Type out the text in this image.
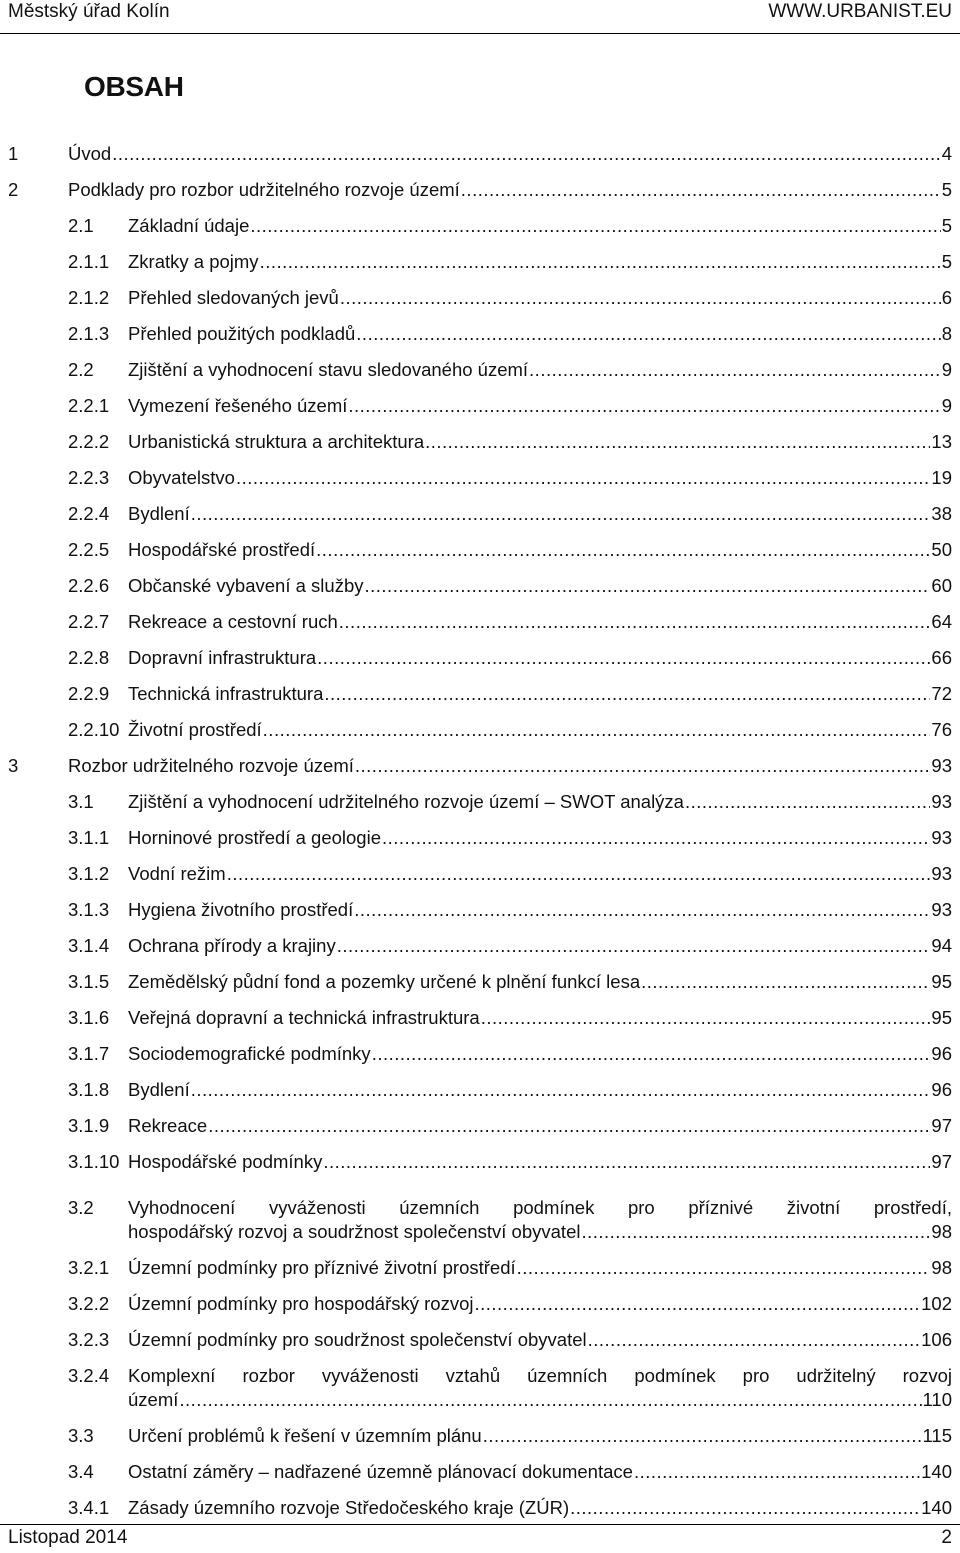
Městský úřad Kolín	WWW.URBANIST.EU
OBSAH
1	Úvod .....	4
2	Podklady pro rozbor udržitelného rozvoje území .....	5
2.1 Základní údaje .....	5
2.1.1 Zkratky a pojmy .....	5
2.1.2 Přehled sledovaných jevů .....	6
2.1.3 Přehled použitých podkladů .....	8
2.2 Zjištění a vyhodnocení stavu sledovaného území .....	9
2.2.1 Vymezení řešeného území .....	9
2.2.2 Urbanistická struktura a architektura .....	13
2.2.3 Obyvatelstvo .....	19
2.2.4 Bydlení .....	38
2.2.5 Hospodářské prostředí .....	50
2.2.6 Občanské vybavení a služby .....	60
2.2.7 Rekreace a cestovní ruch .....	64
2.2.8 Dopravní infrastruktura .....	66
2.2.9 Technická infrastruktura .....	72
2.2.10 Životní prostředí .....	76
3	Rozbor udržitelného rozvoje území .....	93
3.1 Zjištění a vyhodnocení udržitelného rozvoje území – SWOT analýza .....	93
3.1.1 Horninové prostředí a geologie .....	93
3.1.2 Vodní režim .....	93
3.1.3 Hygiena životního prostředí .....	93
3.1.4 Ochrana přírody a krajiny .....	94
3.1.5 Zemědělský půdní fond a pozemky určené k plnění funkcí lesa .....	95
3.1.6 Veřejná dopravní a technická infrastruktura .....	95
3.1.7 Sociodemografické podmínky .....	96
3.1.8 Bydlení .....	96
3.1.9 Rekreace .....	97
3.1.10 Hospodářské podmínky .....	97
3.2 Vyhodnocení vyváženosti územních podmínek pro příznivé životní prostředí,
hospodářský rozvoj a soudržnost společenství obyvatel .....	98
3.2.1 Územní podmínky pro příznivé životní prostředí .....	98
3.2.2 Územní podmínky pro hospodářský rozvoj .....	102
3.2.3 Územní podmínky pro soudržnost společenství obyvatel .....	106
3.2.4 Komplexní rozbor vyváženosti vztahů územních podmínek pro udržitelný rozvoj
území .....	110
3.3 Určení problémů k řešení v územním plánu .....	115
3.4 Ostatní záměry – nadřazené územně plánovací dokumentace .....	140
3.4.1 Zásady územního rozvoje Středočeského kraje (ZÚR) .....	140
Listopad 2014	2
